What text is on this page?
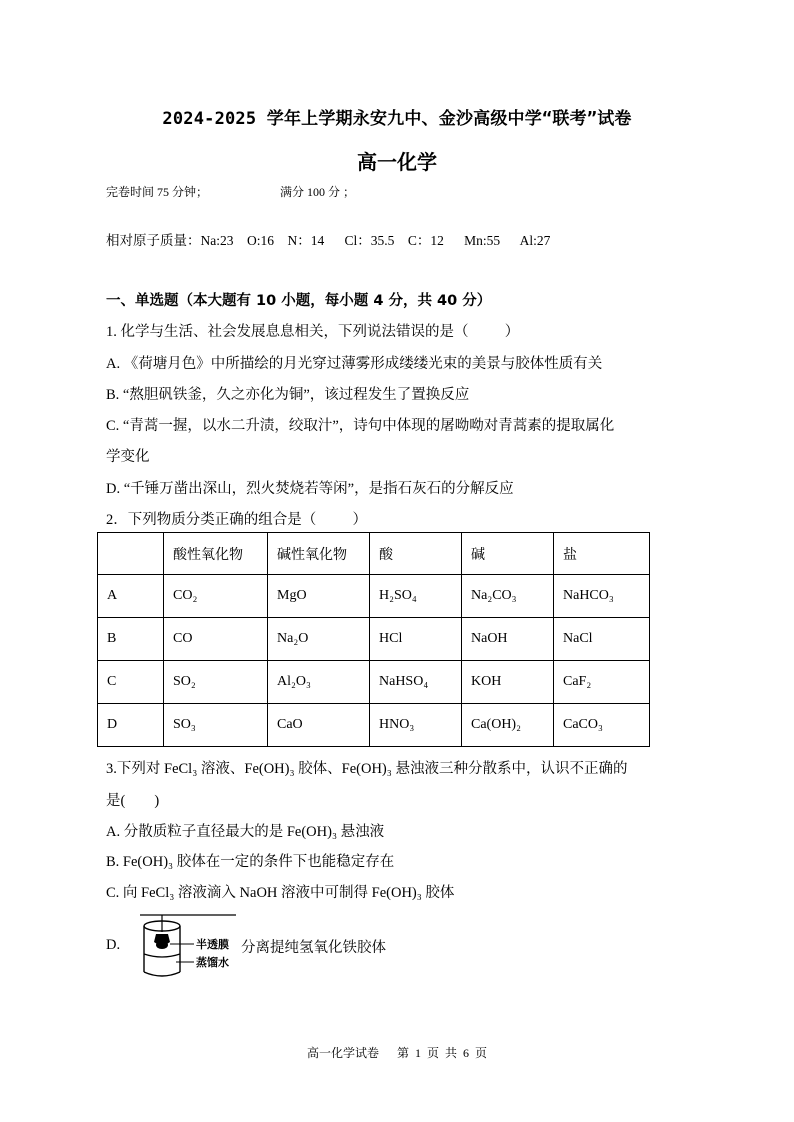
2024-2025 学年上学期永安九中、金沙高级中学“联考”试卷
高一化学
完卷时间 75 分钟；	满分 100 分 ；
相对原子质量：Na:23    O:16    N：14      Cl：35.5    C：12      Mn:55      Al:27
一、单选题（本大题有 10 小题，每小题 4 分，共 40 分）
1. 化学与生活、社会发展息息相关，下列说法错误的是（          ）
A. 《荷塘月色》中所描绘的月光穿过薄雾形成缕缕光束的美景与胶体性质有关
B. “熬胆矾铁釜，久之亦化为铜”，该过程发生了置换反应
C. “青蒿一握，以水二升渍，绞取汁”，诗句中体现的屠呦呦对青蒿素的提取属化
学变化
D. “千锤万凿出深山，烈火焚烧若等闲”，是指石灰石的分解反应
2．下列物质分类正确的组合是（          ）
	酸性氧化物	碱性氧化物	酸	碱	盐
A	CO₂	MgO	H₂SO₄	Na₂CO₃	NaHCO₃
B	CO	Na₂O	HCl	NaOH	NaCl
C	SO₂	Al₂O₃	NaHSO₄	KOH	CaF₂
D	SO₃	CaO	HNO₃	Ca(OH)₂	CaCO₃
3.下列对 FeCl₃ 溶液、Fe(OH)₃ 胶体、Fe(OH)₃ 悬浊液三种分散系中，认识不正确的
是(        )
A. 分散质粒子直径最大的是 Fe(OH)₃ 悬浊液
B. Fe(OH)₃ 胶体在一定的条件下也能稳定存在
C. 向 FeCl₃ 溶液滴入 NaOH 溶液中可制得 Fe(OH)₃ 胶体
D.	半透膜
蒸馏水
分离提纯氢氧化铁胶体
高一化学试卷      第  1  页  共  6  页
